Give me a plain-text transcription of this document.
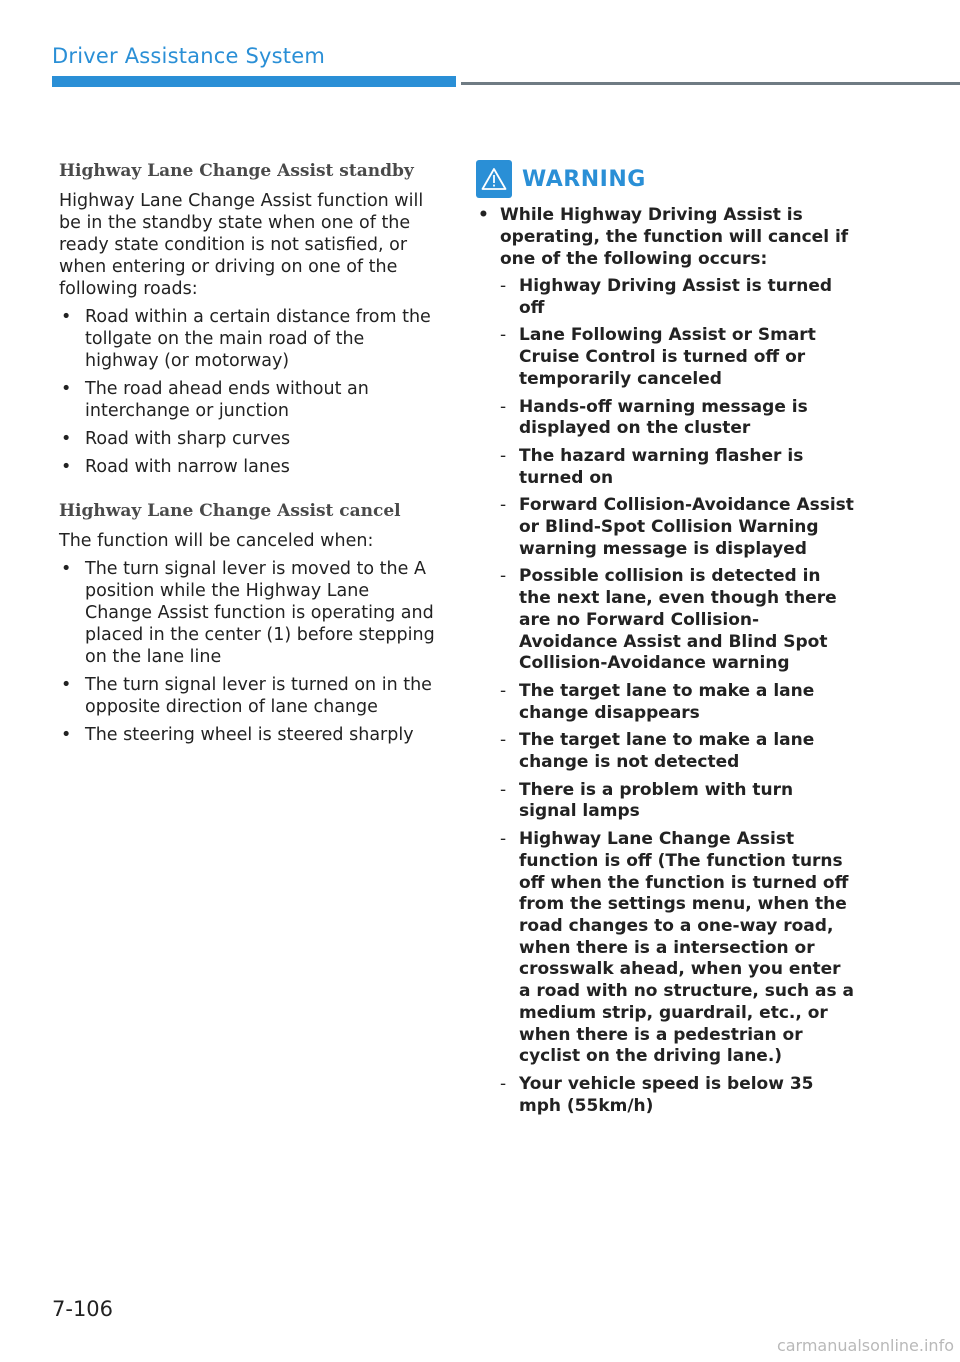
Driver Assistance System
Highway Lane Change Assist standby

Highway Lane Change Assist function will be in the standby state when one of the ready state condition is not satisfied, or when entering or driving on one of the following roads:

• Road within a certain distance from the tollgate on the main road of the highway (or motorway)
• The road ahead ends without an interchange or junction
• Road with sharp curves
• Road with narrow lanes
Highway Lane Change Assist cancel

The function will be canceled when:

• The turn signal lever is moved to the A position while the Highway Lane Change Assist function is operating and placed in the center (1) before stepping on the lane line
• The turn signal lever is turned on in the opposite direction of lane change
• The steering wheel is steered sharply
WARNING
• While Highway Driving Assist is operating, the function will cancel if one of the following occurs:
- Highway Driving Assist is turned off
- Lane Following Assist or Smart Cruise Control is turned off or temporarily canceled
- Hands-off warning message is displayed on the cluster
- The hazard warning flasher is turned on
- Forward Collision-Avoidance Assist or Blind-Spot Collision Warning warning message is displayed
- Possible collision is detected in the next lane, even though there are no Forward Collision-Avoidance Assist and Blind Spot Collision-Avoidance warning
- The target lane to make a lane change disappears
- The target lane to make a lane change is not detected
- There is a problem with turn signal lamps
- Highway Lane Change Assist function is off (The function turns off when the function is turned off from the settings menu, when the road changes to a one-way road, when there is a intersection or crosswalk ahead, when you enter a road with no structure, such as a medium strip, guardrail, etc., or when there is a pedestrian or cyclist on the driving lane.)
- Your vehicle speed is below 35 mph (55km/h)
7-106
carmanualsonline.info
